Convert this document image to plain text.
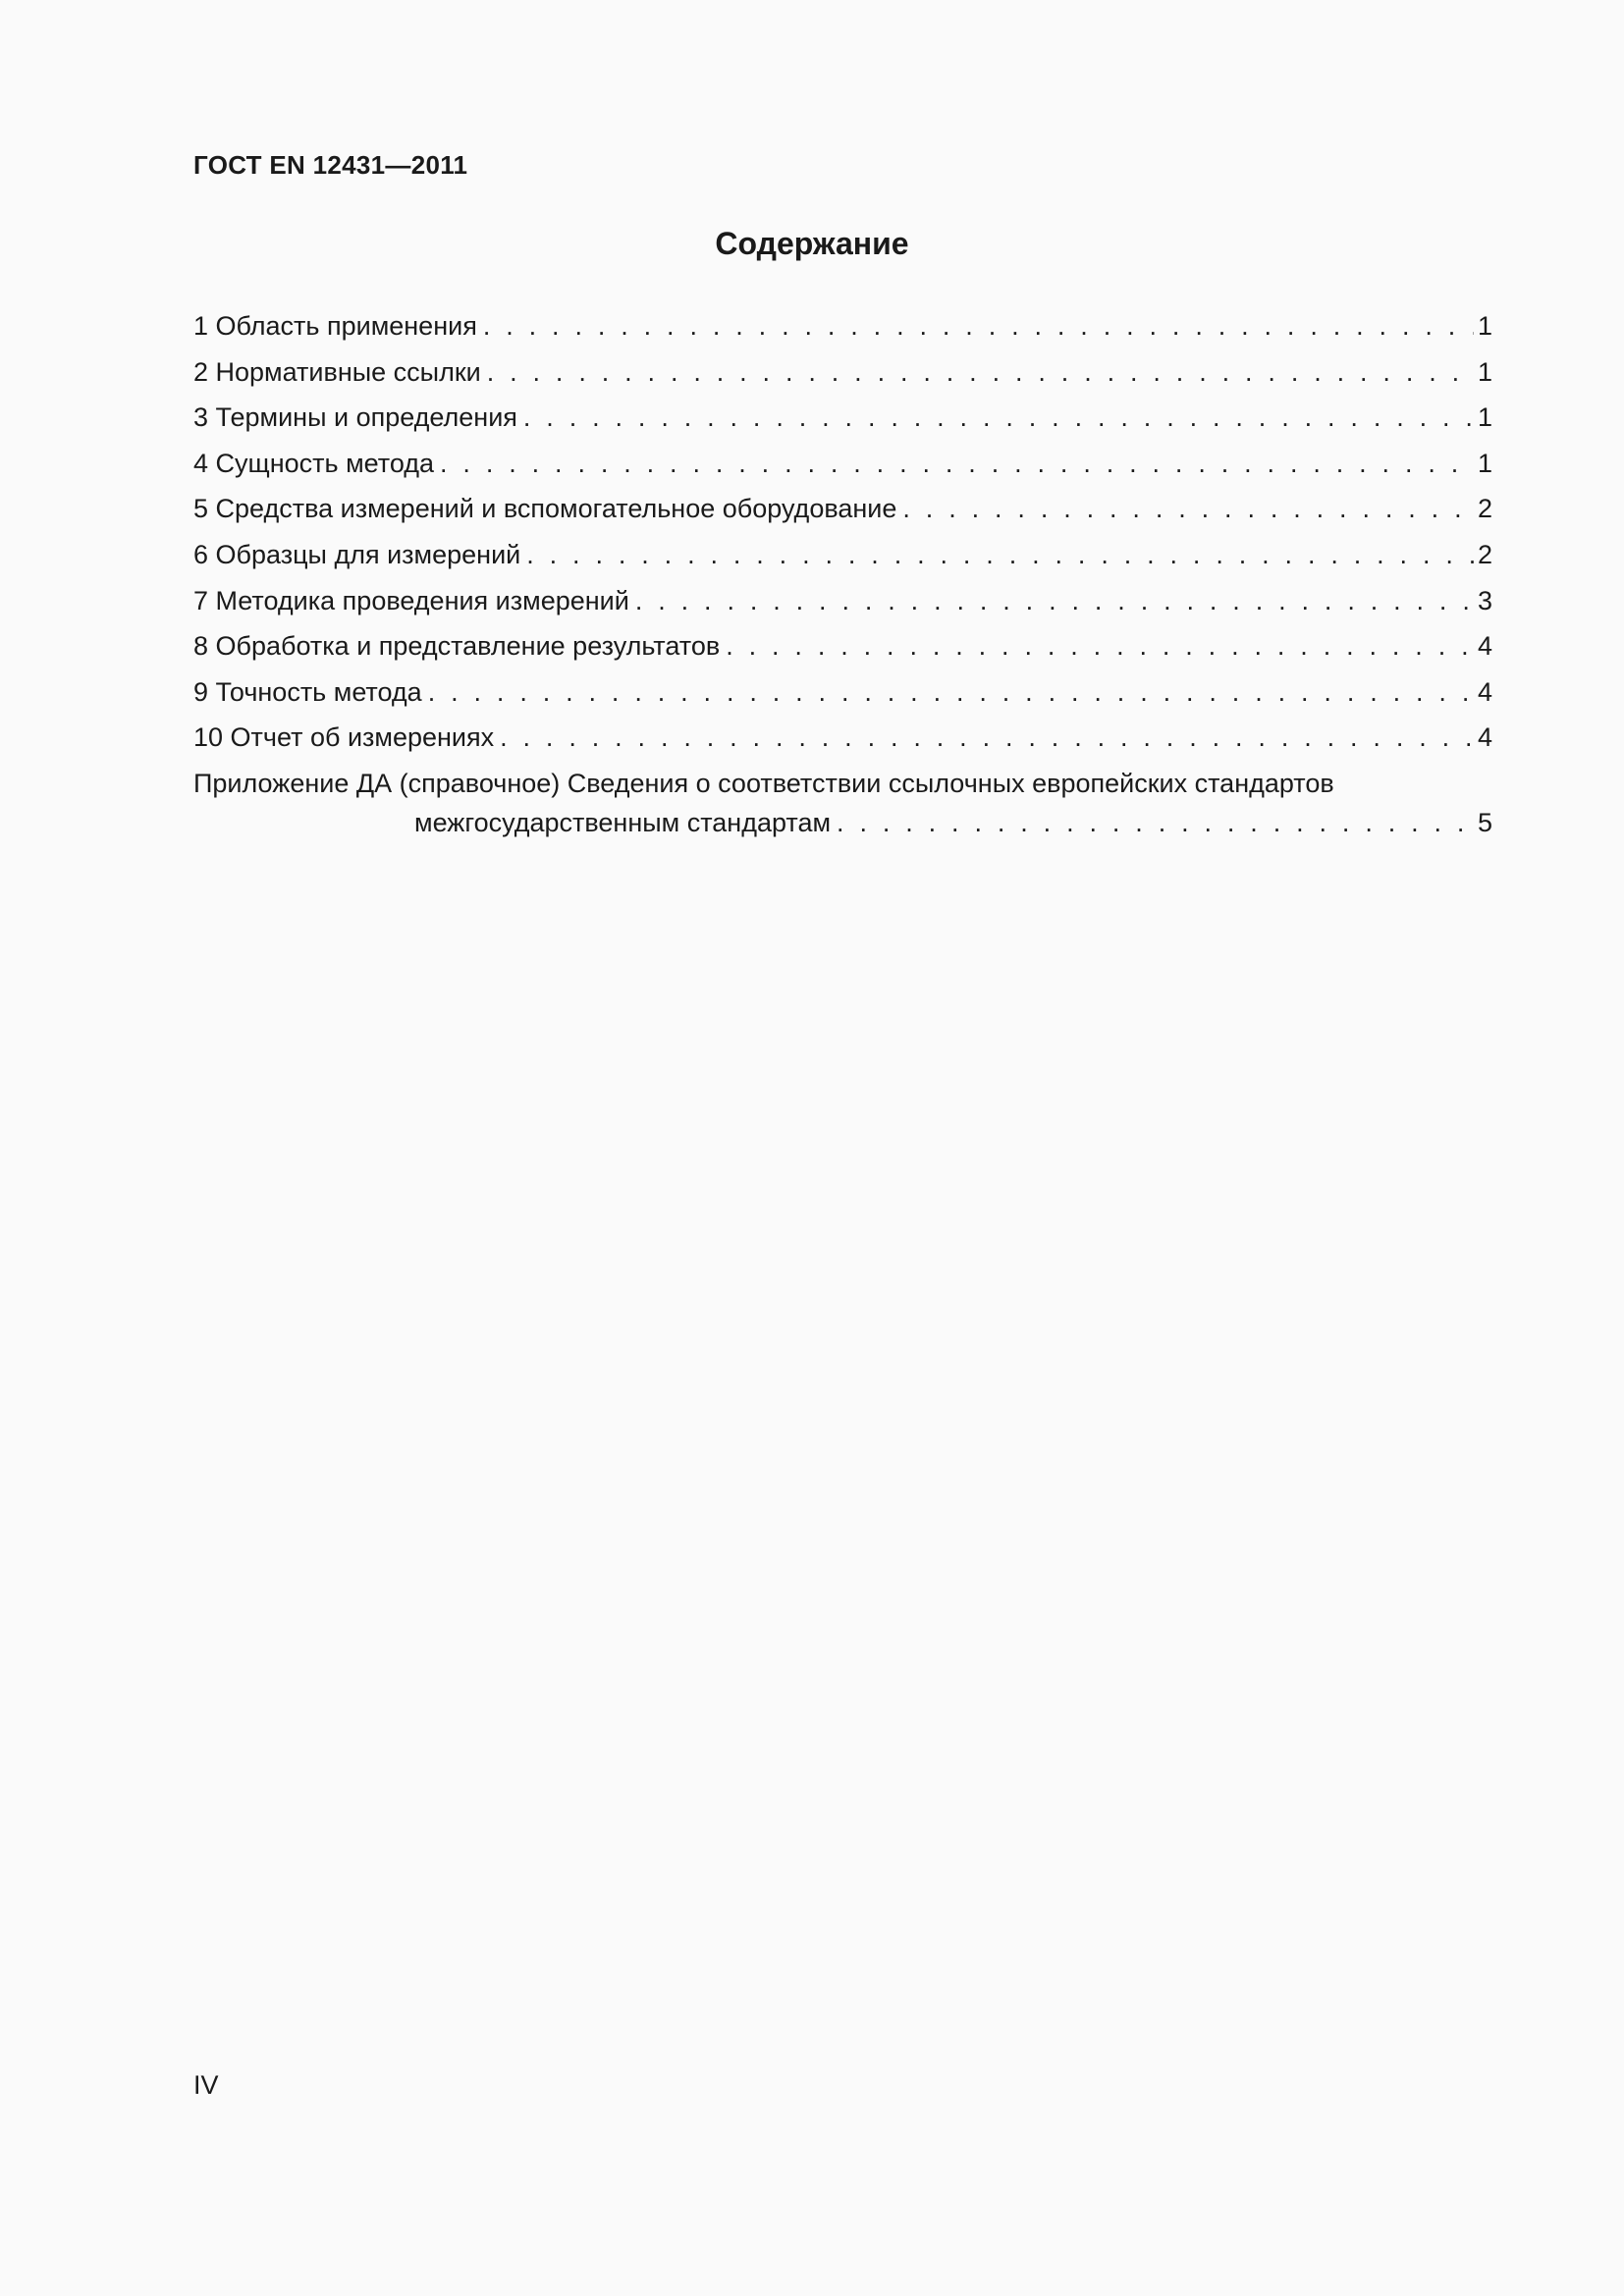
ГОСТ EN 12431—2011
Содержание
1 Область применения . . .	1
2 Нормативные ссылки . . .	1
3 Термины и определения . . .	1
4 Сущность метода . . .	1
5 Средства измерений и вспомогательное оборудование . . .	2
6 Образцы для измерений . . .	2
7 Методика проведения измерений . . .	3
8 Обработка и представление результатов . . .	4
9 Точность метода . . .	4
10 Отчет об измерениях . . .	4
Приложение ДА (справочное) Сведения о соответствии ссылочных европейских стандартов
межгосударственным стандартам . . .	5
IV
